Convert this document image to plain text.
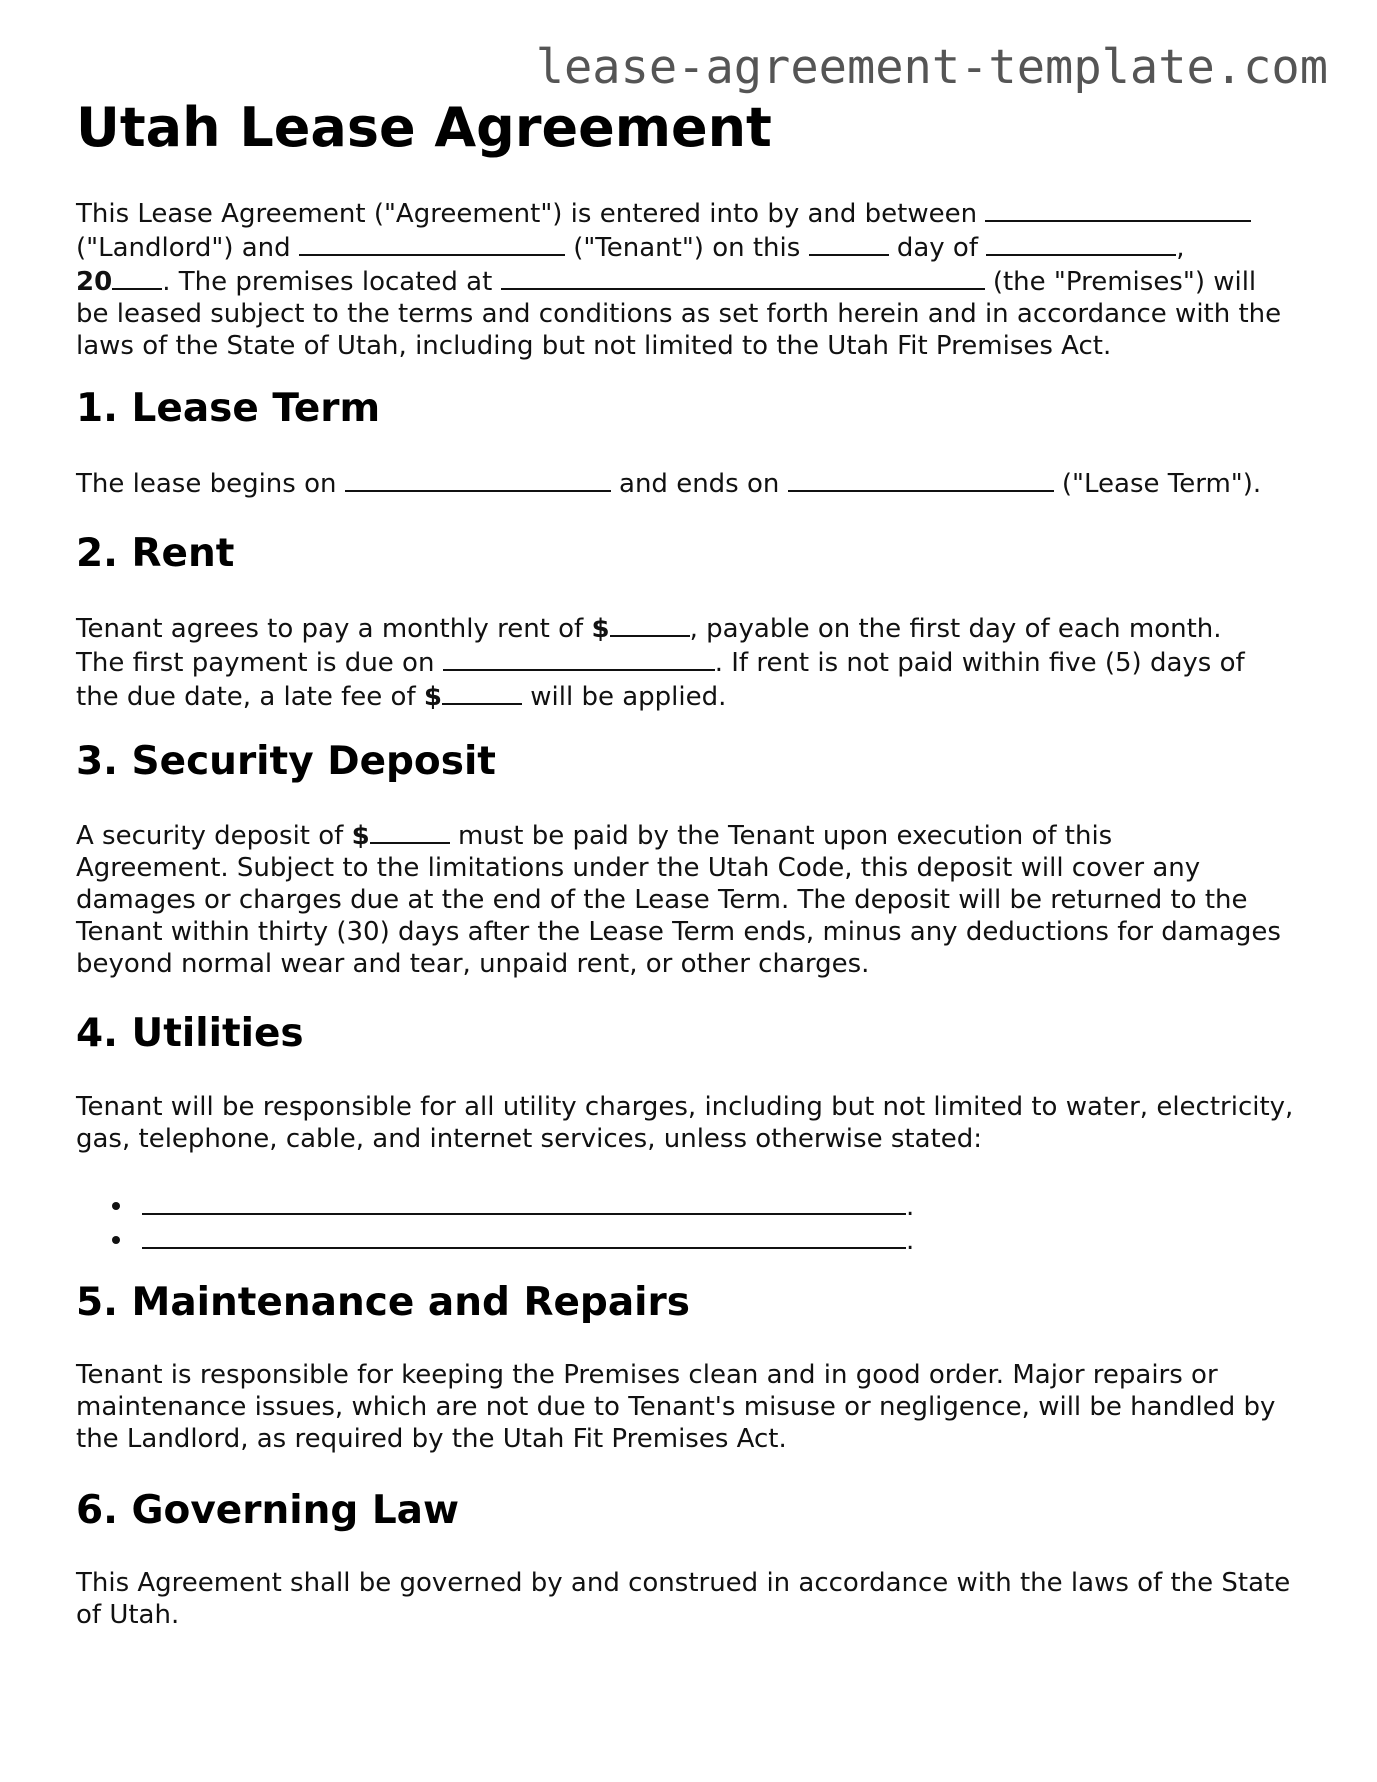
lease-agreement-template.com
Utah Lease Agreement
This Lease Agreement ("Agreement") is entered into by and between
("Landlord") and	("Tenant") on this	day of	,
20 . The premises located at	(the "Premises") will
be leased subject to the terms and conditions as set forth herein and in accordance with the laws of the State of Utah, including but not limited to the Utah Fit Premises Act.
1. Lease Term
The lease begins on	and ends on	("Lease Term").
2. Rent
Tenant agrees to pay a monthly rent of $	, payable on the first day of each month.
The first payment is due on	. If rent is not paid within five (5) days of
the due date, a late fee of $	will be applied.
3. Security Deposit
A security deposit of $	must be paid by the Tenant upon execution of this
Agreement. Subject to the limitations under the Utah Code, this deposit will cover any damages or charges due at the end of the Lease Term. The deposit will be returned to the Tenant within thirty (30) days after the Lease Term ends, minus any deductions for damages beyond normal wear and tear, unpaid rent, or other charges.
4. Utilities
Tenant will be responsible for all utility charges, including but not limited to water, electricity, gas, telephone, cable, and internet services, unless otherwise stated:
.
.
5. Maintenance and Repairs
Tenant is responsible for keeping the Premises clean and in good order. Major repairs or maintenance issues, which are not due to Tenant's misuse or negligence, will be handled by the Landlord, as required by the Utah Fit Premises Act.
6. Governing Law
This Agreement shall be governed by and construed in accordance with the laws of the State of Utah.
